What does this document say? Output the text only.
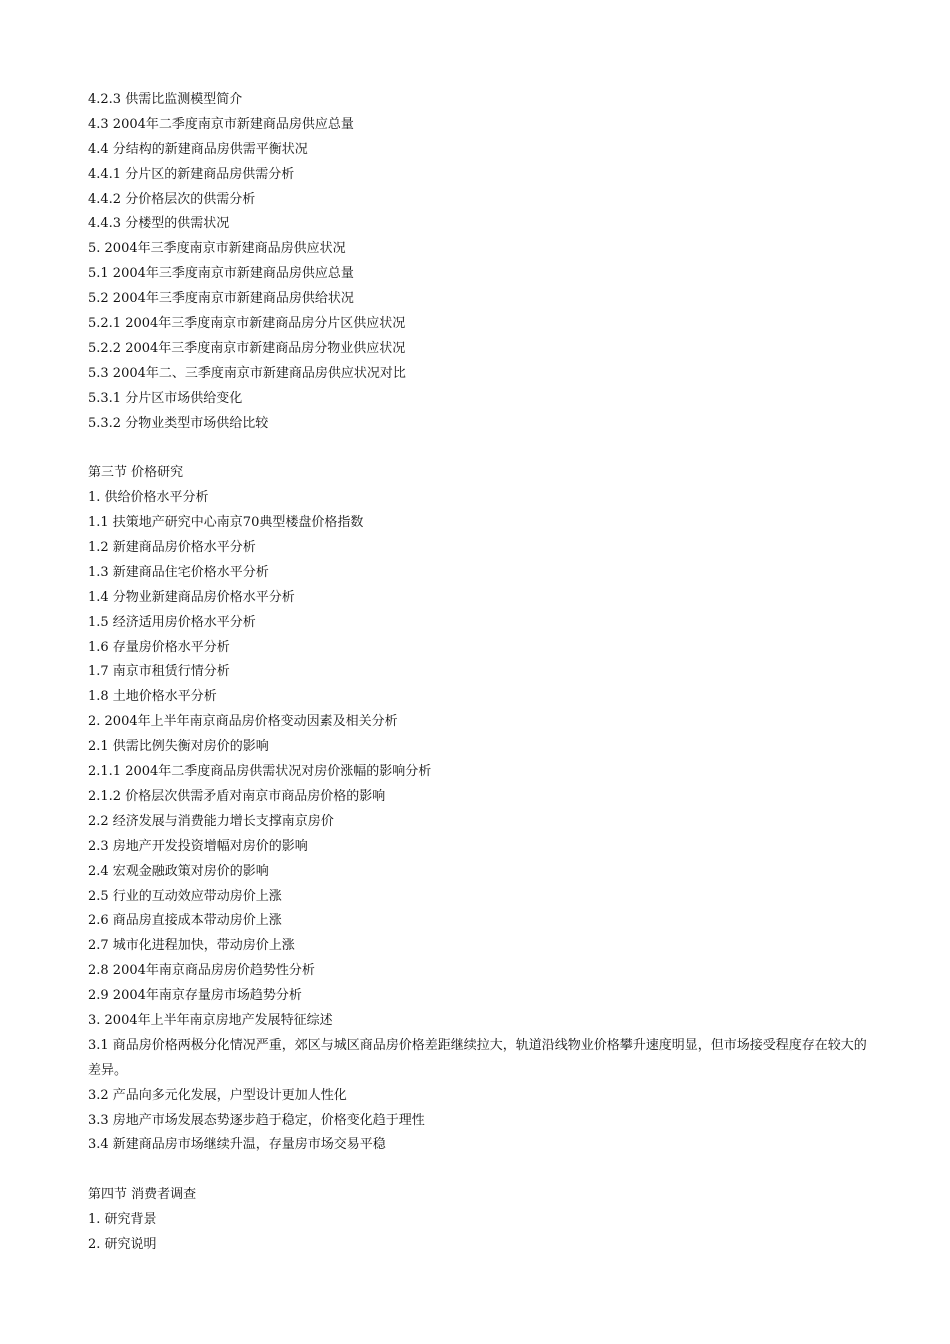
4.2.3 供需比监测模型简介
4.3 2004年二季度南京市新建商品房供应总量
4.4 分结构的新建商品房供需平衡状况
4.4.1 分片区的新建商品房供需分析
4.4.2 分价格层次的供需分析
4.4.3 分楼型的供需状况
5. 2004年三季度南京市新建商品房供应状况
5.1 2004年三季度南京市新建商品房供应总量
5.2 2004年三季度南京市新建商品房供给状况
5.2.1 2004年三季度南京市新建商品房分片区供应状况
5.2.2 2004年三季度南京市新建商品房分物业供应状况
5.3 2004年二、三季度南京市新建商品房供应状况对比
5.3.1 分片区市场供给变化
5.3.2 分物业类型市场供给比较
第三节 价格研究
1. 供给价格水平分析
1.1 扶策地产研究中心南京70典型楼盘价格指数
1.2 新建商品房价格水平分析
1.3 新建商品住宅价格水平分析
1.4 分物业新建商品房价格水平分析
1.5 经济适用房价格水平分析
1.6 存量房价格水平分析
1.7 南京市租赁行情分析
1.8 土地价格水平分析
2. 2004年上半年南京商品房价格变动因素及相关分析
2.1 供需比例失衡对房价的影响
2.1.1 2004年二季度商品房供需状况对房价涨幅的影响分析
2.1.2 价格层次供需矛盾对南京市商品房价格的影响
2.2 经济发展与消费能力增长支撑南京房价
2.3 房地产开发投资增幅对房价的影响
2.4 宏观金融政策对房价的影响
2.5 行业的互动效应带动房价上涨
2.6 商品房直接成本带动房价上涨
2.7 城市化进程加快，带动房价上涨
2.8 2004年南京商品房房价趋势性分析
2.9 2004年南京存量房市场趋势分析
3. 2004年上半年南京房地产发展特征综述
3.1 商品房价格两极分化情况严重，郊区与城区商品房价格差距继续拉大，轨道沿线物业价格攀升速度明显，但市场接受程度存在较大的差异。
3.2 产品向多元化发展，户型设计更加人性化
3.3 房地产市场发展态势逐步趋于稳定，价格变化趋于理性
3.4 新建商品房市场继续升温，存量房市场交易平稳
第四节 消费者调查
1. 研究背景
2. 研究说明
